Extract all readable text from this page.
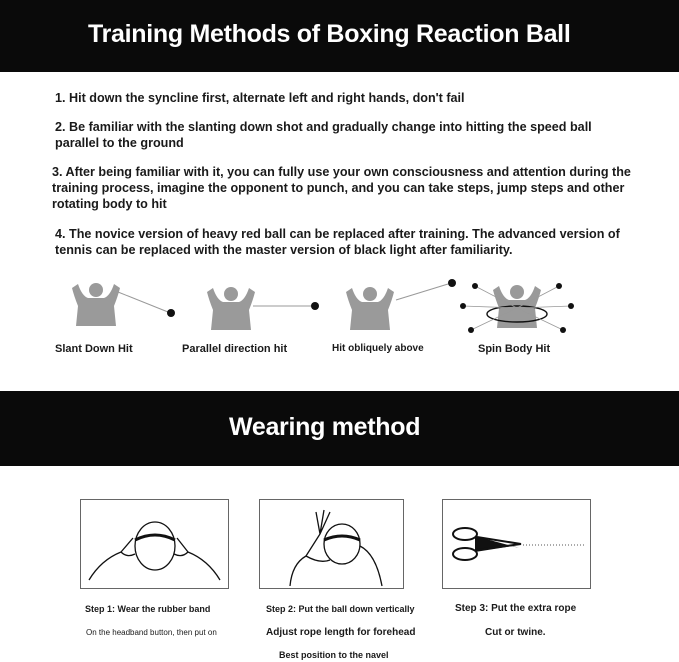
Training Methods of Boxing Reaction Ball
1. Hit down the syncline first, alternate left and right hands, don't fail
2. Be familiar with the slanting down shot and gradually change into hitting the speed ball parallel to the ground
3. After being familiar with it, you can fully use your own consciousness and attention during the training process, imagine the opponent to punch, and you can take steps, jump steps and other rotating body to hit
4. The novice version of heavy red ball can be replaced after training. The advanced version of tennis can be replaced with the master version of black light after familiarity.
Slant Down Hit	Parallel direction hit	Hit obliquely above	Spin Body Hit
Wearing method
Step 1: Wear the rubber band
On the headband button, then put on
Step 2: Put the ball down vertically
Adjust rope length for forehead
Best position to the navel
Step 3: Put the extra rope
Cut or twine.
